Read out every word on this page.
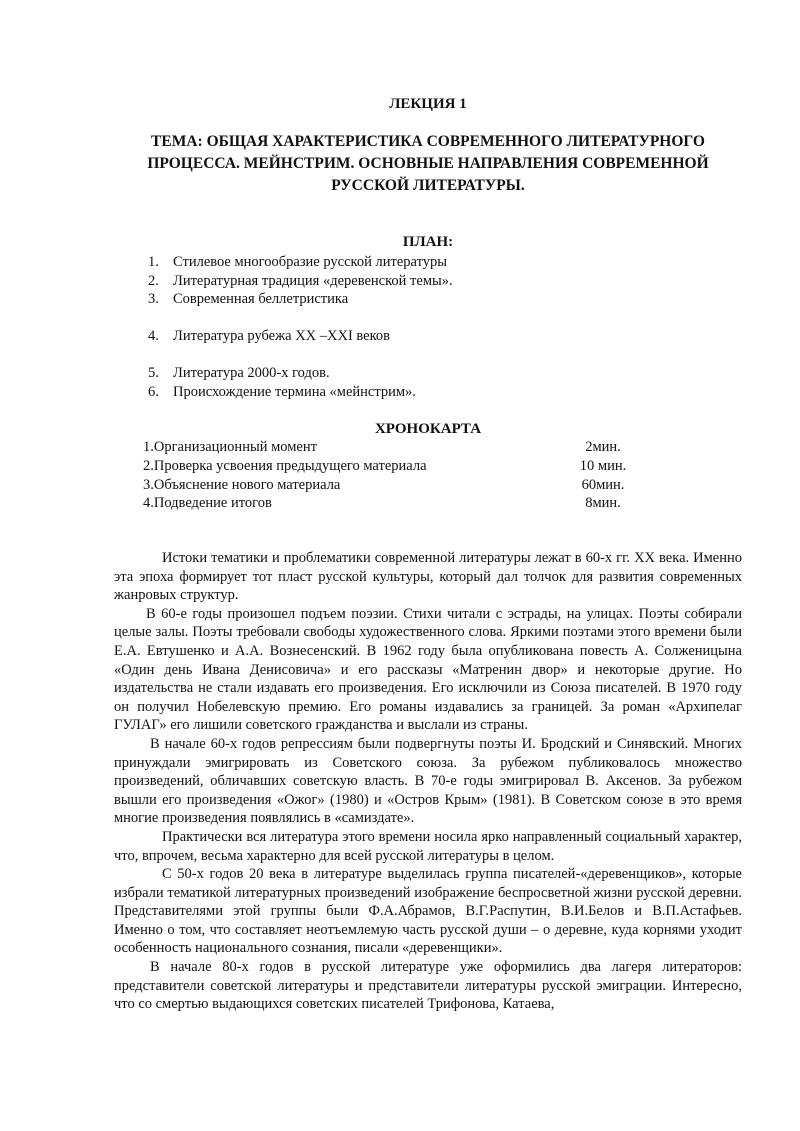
ЛЕКЦИЯ 1
ТЕМА: ОБЩАЯ ХАРАКТЕРИСТИКА СОВРЕМЕННОГО ЛИТЕРАТУРНОГО ПРОЦЕССА. МЕЙНСТРИМ. ОСНОВНЫЕ НАПРАВЛЕНИЯ СОВРЕМЕННОЙ РУССКОЙ ЛИТЕРАТУРЫ.
ПЛАН:
1. Стилевое многообразие русской литературы
2. Литературная традиция «деревенской темы».
3. Современная беллетристика
4. Литература рубежа ХХ –ХХI веков
5. Литература 2000-х годов.
6. Происхождение термина «мейнстрим».
ХРОНОКАРТА
1.Организационный момент	2мин.
2.Проверка усвоения предыдущего материала	10 мин.
3.Объяснение нового материала	60мин.
4.Подведение итогов	8мин.

Истоки тематики и проблематики современной литературы лежат в 60-х гг. XX века. Именно эта эпоха формирует тот пласт русской культуры, который дал толчок для развития современных жанровых структур.

В 60-е годы произошел подъем поэзии. Стихи читали с эстрады, на улицах. Поэты собирали целые залы. Поэты требовали свободы художественного слова. Яркими поэтами этого времени были Е.А. Евтушенко и А.А. Вознесенский. В 1962 году была опубликована повесть А. Солженицына «Один день Ивана Денисовича» и его рассказы «Матренин двор» и некоторые другие. Но издательства не стали издавать его произведения. Его исключили из Союза писателей. В 1970 году он получил Нобелевскую премию. Его романы издавались за границей. За роман «Архипелаг ГУЛАГ» его лишили советского гражданства и выслали из страны.

В начале 60-х годов репрессиям были подвергнуты поэты И. Бродский и Синявский. Многих принуждали эмигрировать из Советского союза. За рубежом публиковалось множество произведений, обличавших советскую власть. В 70-е годы эмигрировал В. Аксенов. За рубежом вышли его произведения «Ожог» (1980) и «Остров Крым» (1981). В Советском союзе в это время многие произведения появлялись в «самиздате».

Практически вся литература этого времени носила ярко направленный социальный характер, что, впрочем, весьма характерно для всей русской литературы в целом.

С 50-х годов 20 века в литературе выделилась группа писателей-«деревенщиков», которые избрали тематикой литературных произведений изображение беспросветной жизни русской деревни. Представителями этой группы были Ф.А.Абрамов, В.Г.Распутин, В.И.Белов и В.П.Астафьев. Именно о том, что составляет неотъемлемую часть русской души – о деревне, куда корнями уходит особенность национального сознания, писали «деревенщики».

В начале 80-х годов в русской литературе уже оформились два лагеря литераторов: представители советской литературы и представители литературы русской эмиграции. Интересно, что со смертью выдающихся советских писателей Трифонова, Катаева,
